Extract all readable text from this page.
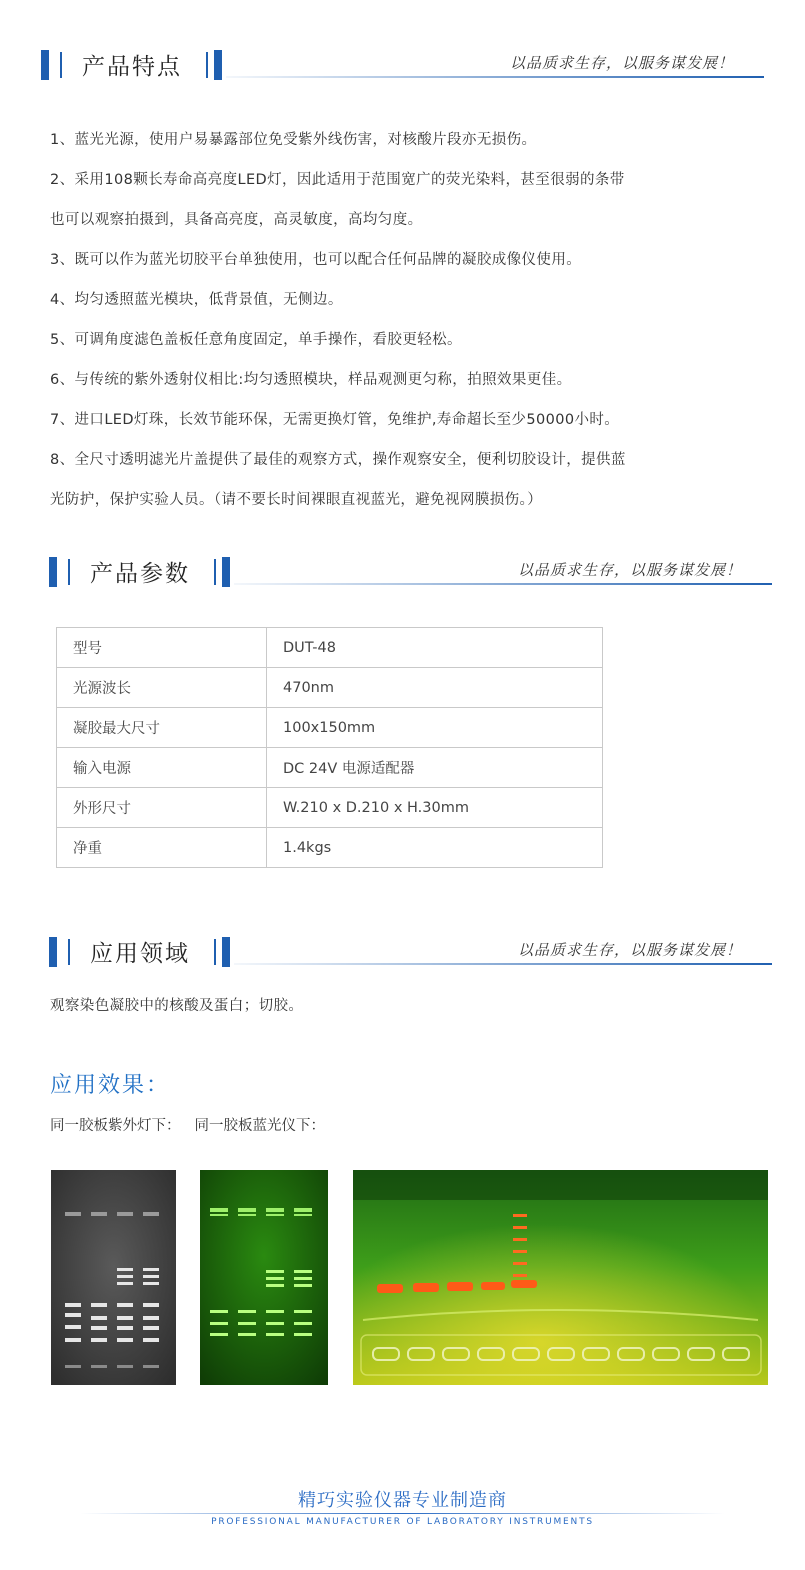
产品特点	以品质求生存，以服务谋发展！
1、蓝光光源，使用户易暴露部位免受紫外线伤害，对核酸片段亦无损伤。
2、采用108颗长寿命高亮度LED灯，因此适用于范围宽广的荧光染料，甚至很弱的条带
也可以观察拍摄到，具备高亮度，高灵敏度，高均匀度。
3、既可以作为蓝光切胶平台单独使用，也可以配合任何品牌的凝胶成像仪使用。
4、均匀透照蓝光模块，低背景值，无侧边。
5、可调角度滤色盖板任意角度固定，单手操作，看胶更轻松。
6、与传统的紫外透射仪相比:均匀透照模块，样品观测更匀称，拍照效果更佳。
7、进口LED灯珠，长效节能环保，无需更换灯管，免维护,寿命超长至少50000小时。
8、全尺寸透明滤光片盖提供了最佳的观察方式，操作观察安全，便利切胶设计，提供蓝
光防护，保护实验人员。（请不要长时间裸眼直视蓝光，避免视网膜损伤。）
产品参数	以品质求生存，以服务谋发展！
型号	DUT-48
光源波长	470nm
凝胶最大尺寸	100x150mm
输入电源	DC 24V 电源适配器
外形尺寸	W.210 x D.210 x H.30mm
净重	1.4kgs
应用领域	以品质求生存，以服务谋发展！
观察染色凝胶中的核酸及蛋白；切胶。
应用效果：
同一胶板紫外灯下： 同一胶板蓝光仪下：
精巧实验仪器专业制造商
PROFESSIONAL MANUFACTURER OF LABORATORY INSTRUMENTS
